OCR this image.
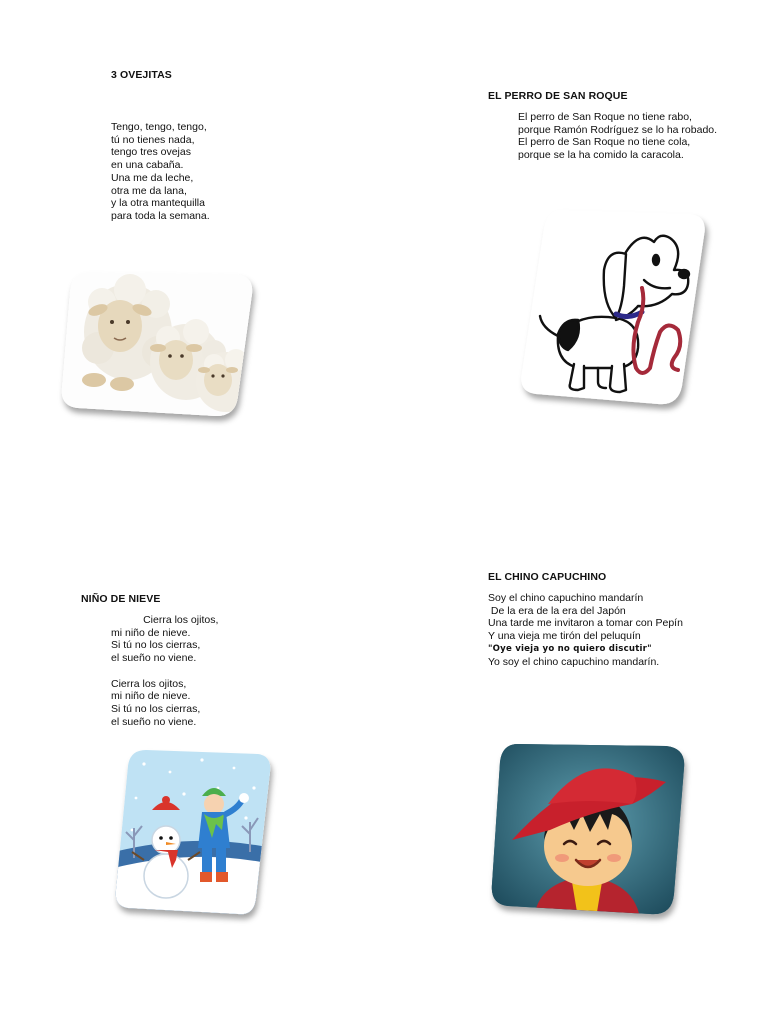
3 OVEJITAS
Tengo, tengo, tengo,
tú no tienes nada,
tengo tres ovejas
en una cabaña.
Una me da leche,
otra me da lana,
y la otra mantequilla
para toda la semana.
EL PERRO DE SAN ROQUE
El perro de San Roque no tiene rabo,
porque Ramón Rodríguez se lo ha robado.
El perro de San Roque no tiene cola,
porque se la ha comido la caracola.
NIÑO DE NIEVE
Cierra los ojitos,
mi niño de nieve.
Si tú no los cierras,
el sueño no viene.
Cierra los ojitos,
mi niño de nieve.
Si tú no los cierras,
el sueño no viene.
EL CHINO CAPUCHINO
Soy el chino capuchino mandarín
De la era de la era del Japón
Una tarde me invitaron a tomar con Pepín
Y una vieja me tirón del peluquín
"Oye vieja yo no quiero discutir"
Yo soy el chino capuchino mandarín.
